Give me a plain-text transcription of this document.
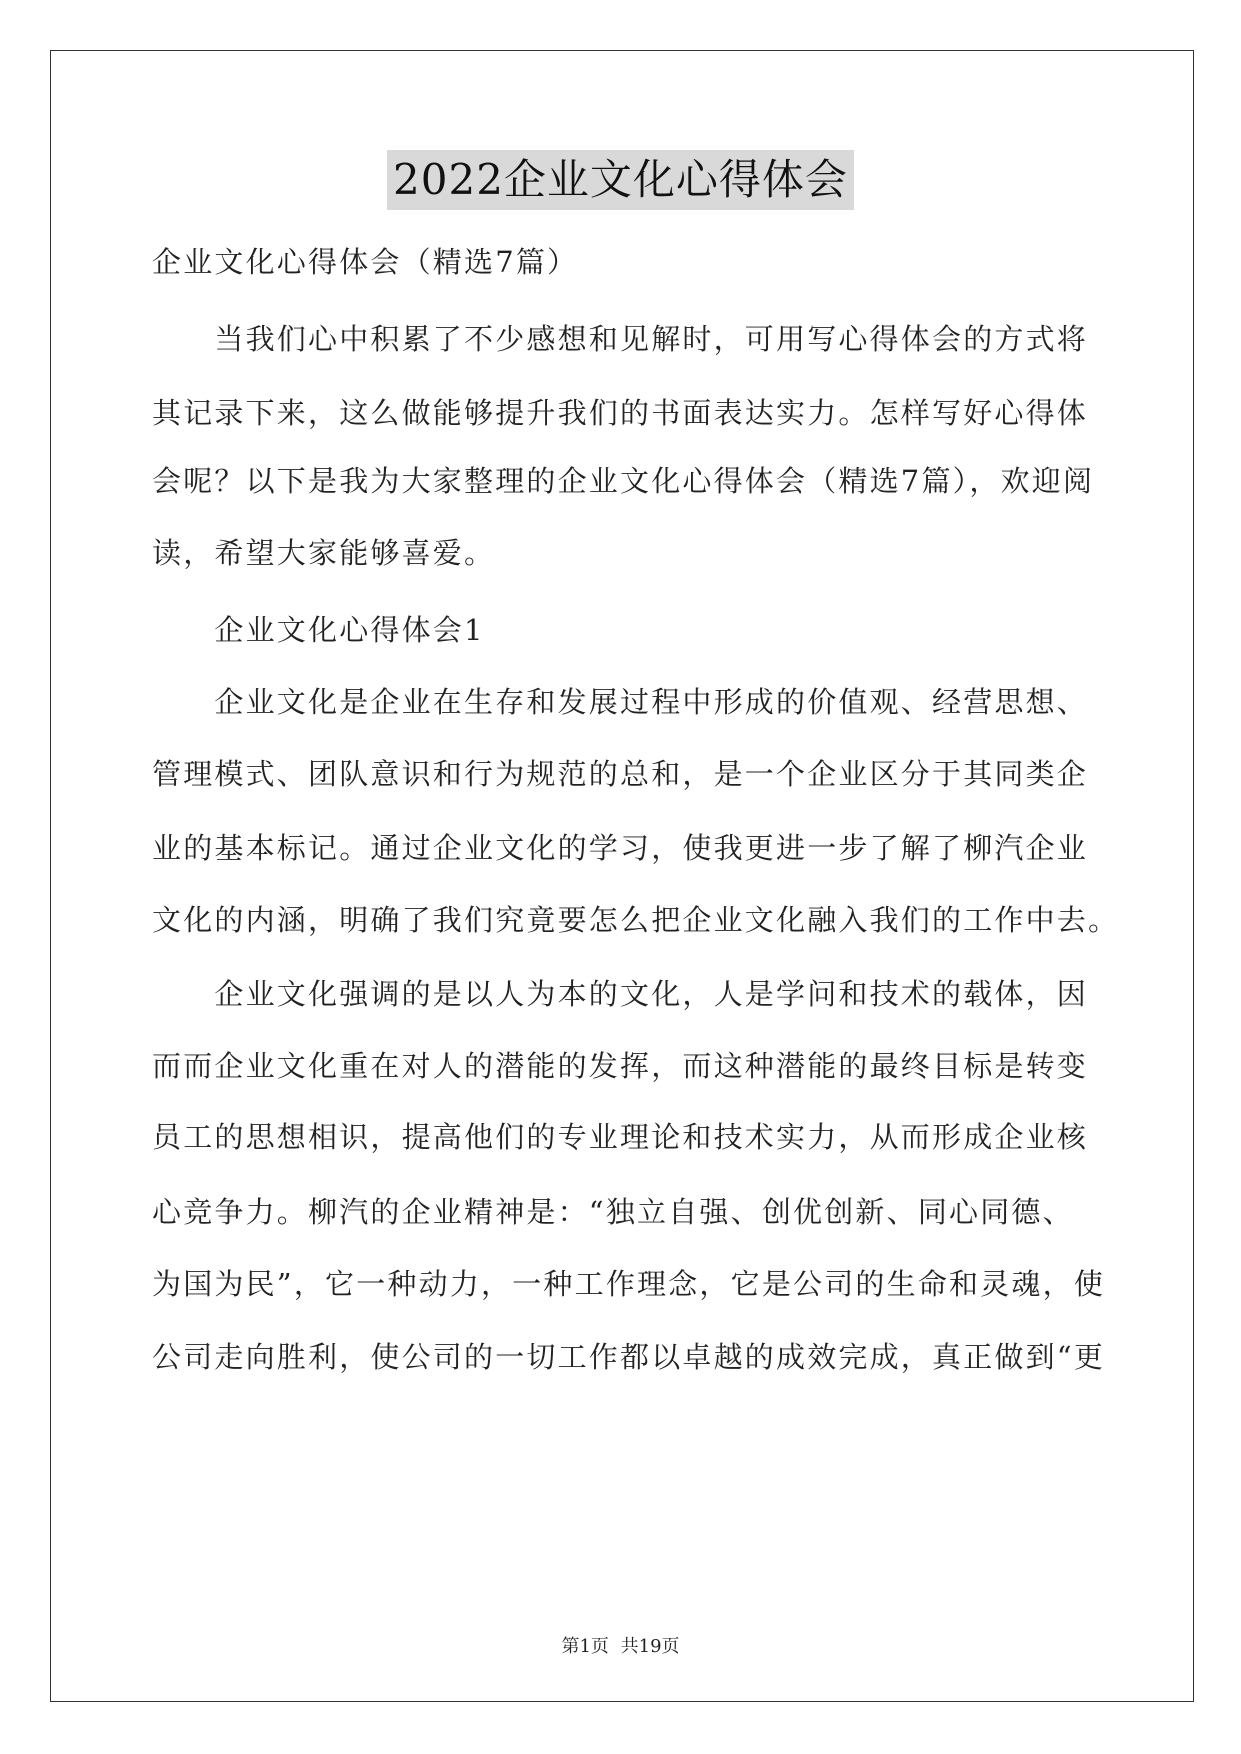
2022企业文化心得体会
企业文化心得体会（精选7篇）
　　当我们心中积累了不少感想和见解时，可用写心得体会的方式将
其记录下来，这么做能够提升我们的书面表达实力。怎样写好心得体
会呢？以下是我为大家整理的企业文化心得体会（精选7篇），欢迎阅
读，希望大家能够喜爱。
　　企业文化心得体会1
　　企业文化是企业在生存和发展过程中形成的价值观、经营思想、
管理模式、团队意识和行为规范的总和，是一个企业区分于其同类企
业的基本标记。通过企业文化的学习，使我更进一步了解了柳汽企业
文化的内涵，明确了我们究竟要怎么把企业文化融入我们的工作中去。
　　企业文化强调的是以人为本的文化，人是学问和技术的载体，因
而而企业文化重在对人的潜能的发挥，而这种潜能的最终目标是转变
员工的思想相识，提高他们的专业理论和技术实力，从而形成企业核
心竞争力。柳汽的企业精神是：“独立自强、创优创新、同心同德、
为国为民”，它一种动力，一种工作理念，它是公司的生命和灵魂，使
公司走向胜利，使公司的一切工作都以卓越的成效完成，真正做到“更
第1页 共19页
